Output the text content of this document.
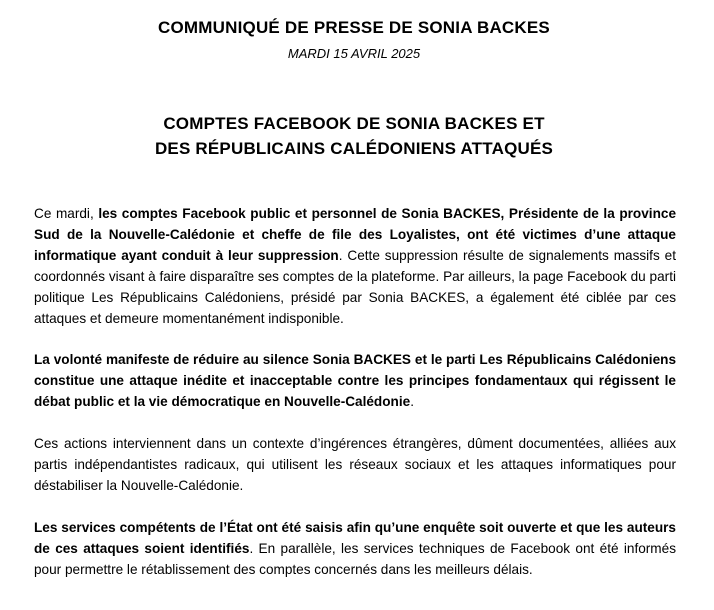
COMMUNIQUÉ DE PRESSE DE SONIA BACKES
MARDI 15 AVRIL 2025
COMPTES FACEBOOK DE SONIA BACKES ET
DES RÉPUBLICAINS CALÉDONIENS ATTAQUÉS

Ce mardi, les comptes Facebook public et personnel de Sonia BACKES, Présidente de la province Sud de la Nouvelle-Calédonie et cheffe de file des Loyalistes, ont été victimes d’une attaque informatique ayant conduit à leur suppression. Cette suppression résulte de signalements massifs et coordonnés visant à faire disparaître ses comptes de la plateforme. Par ailleurs, la page Facebook du parti politique Les Républicains Calédoniens, présidé par Sonia BACKES, a également été ciblée par ces attaques et demeure momentanément indisponible.

La volonté manifeste de réduire au silence Sonia BACKES et le parti Les Républicains Calédoniens constitue une attaque inédite et inacceptable contre les principes fondamentaux qui régissent le débat public et la vie démocratique en Nouvelle-Calédonie.

Ces actions interviennent dans un contexte d’ingérences étrangères, dûment documentées, alliées aux partis indépendantistes radicaux, qui utilisent les réseaux sociaux et les attaques informatiques pour déstabiliser la Nouvelle-Calédonie.

Les services compétents de l’État ont été saisis afin qu’une enquête soit ouverte et que les auteurs de ces attaques soient identifiés. En parallèle, les services techniques de Facebook ont été informés pour permettre le rétablissement des comptes concernés dans les meilleurs délais.
